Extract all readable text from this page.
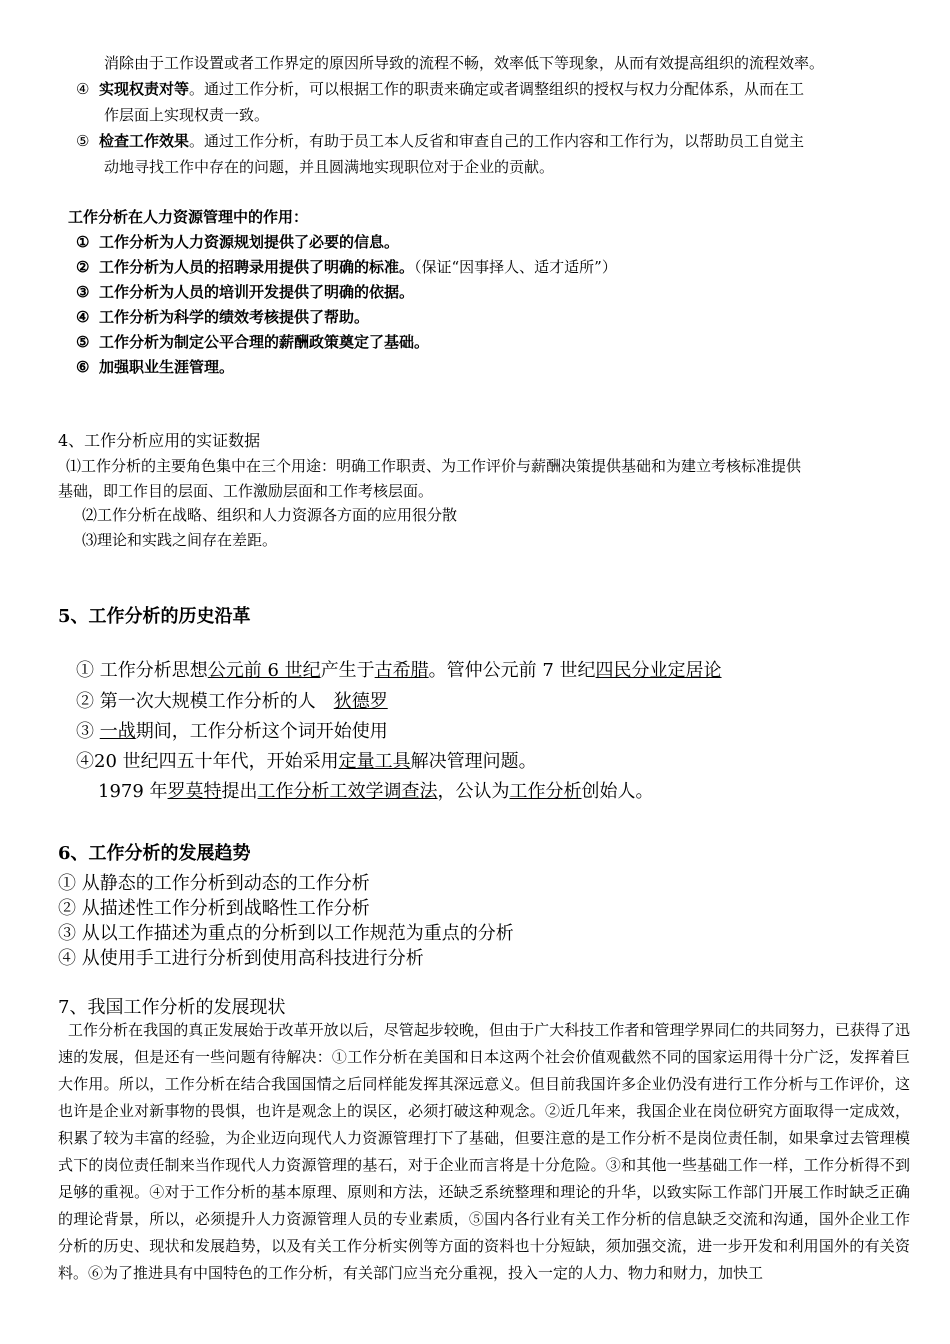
消除由于工作设置或者工作界定的原因所导致的流程不畅，效率低下等现象，从而有效提高组织的流程效率。
④ 实现权责对等。通过工作分析，可以根据工作的职责来确定或者调整组织的授权与权力分配体系，从而在工
作层面上实现权责一致。
⑤ 检查工作效果。通过工作分析，有助于员工本人反省和审查自己的工作内容和工作行为，以帮助员工自觉主
动地寻找工作中存在的问题，并且圆满地实现职位对于企业的贡献。
工作分析在人力资源管理中的作用：
① 工作分析为人力资源规划提供了必要的信息。
② 工作分析为人员的招聘录用提供了明确的标准。（保证“因事择人、适才适所”）
③ 工作分析为人员的培训开发提供了明确的依据。
④ 工作分析为科学的绩效考核提供了帮助。
⑤ 工作分析为制定公平合理的薪酬政策奠定了基础。
⑥ 加强职业生涯管理。
4、工作分析应用的实证数据
⑴工作分析的主要角色集中在三个用途：明确工作职责、为工作评价与薪酬决策提供基础和为建立考核标准提供
基础，即工作目的层面、工作激励层面和工作考核层面。
⑵工作分析在战略、组织和人力资源各方面的应用很分散
⑶理论和实践之间存在差距。
5、工作分析的历史沿革
① 工作分析思想公元前 6 世纪产生于古希腊。管仲公元前 7 世纪四民分业定居论
② 第一次大规模工作分析的人　狄德罗
③ 一战期间，工作分析这个词开始使用
④20 世纪四五十年代，开始采用定量工具解决管理问题。
1979 年罗莫特提出工作分析工效学调查法，公认为工作分析创始人。
6、工作分析的发展趋势
① 从静态的工作分析到动态的工作分析
② 从描述性工作分析到战略性工作分析
③ 从以工作描述为重点的分析到以工作规范为重点的分析
④ 从使用手工进行分析到使用高科技进行分析
7、我国工作分析的发展现状
工作分析在我国的真正发展始于改革开放以后，尽管起步较晚，但由于广大科技工作者和管理学界同仁的共同努力，已获得了迅速的发展，但是还有一些问题有待解决：①工作分析在美国和日本这两个社会价值观截然不同的国家运用得十分广泛，发挥着巨大作用。所以，工作分析在结合我国国情之后同样能发挥其深远意义。但目前我国许多企业仍没有进行工作分析与工作评价，这也许是企业对新事物的畏惧，也许是观念上的误区，必须打破这种观念。②近几年来，我国企业在岗位研究方面取得一定成效，积累了较为丰富的经验，为企业迈向现代人力资源管理打下了基础，但要注意的是工作分析不是岗位责任制，如果拿过去管理模式下的岗位责任制来当作现代人力资源管理的基石，对于企业而言将是十分危险。③和其他一些基础工作一样，工作分析得不到足够的重视。④对于工作分析的基本原理、原则和方法，还缺乏系统整理和理论的升华，以致实际工作部门开展工作时缺乏正确的理论背景，所以，必须提升人力资源管理人员的专业素质，⑤国内各行业有关工作分析的信息缺乏交流和沟通，国外企业工作分析的历史、现状和发展趋势，以及有关工作分析实例等方面的资料也十分短缺，须加强交流，进一步开发和利用国外的有关资料。⑥为了推进具有中国特色的工作分析，有关部门应当充分重视，投入一定的人力、物力和财力，加快工
